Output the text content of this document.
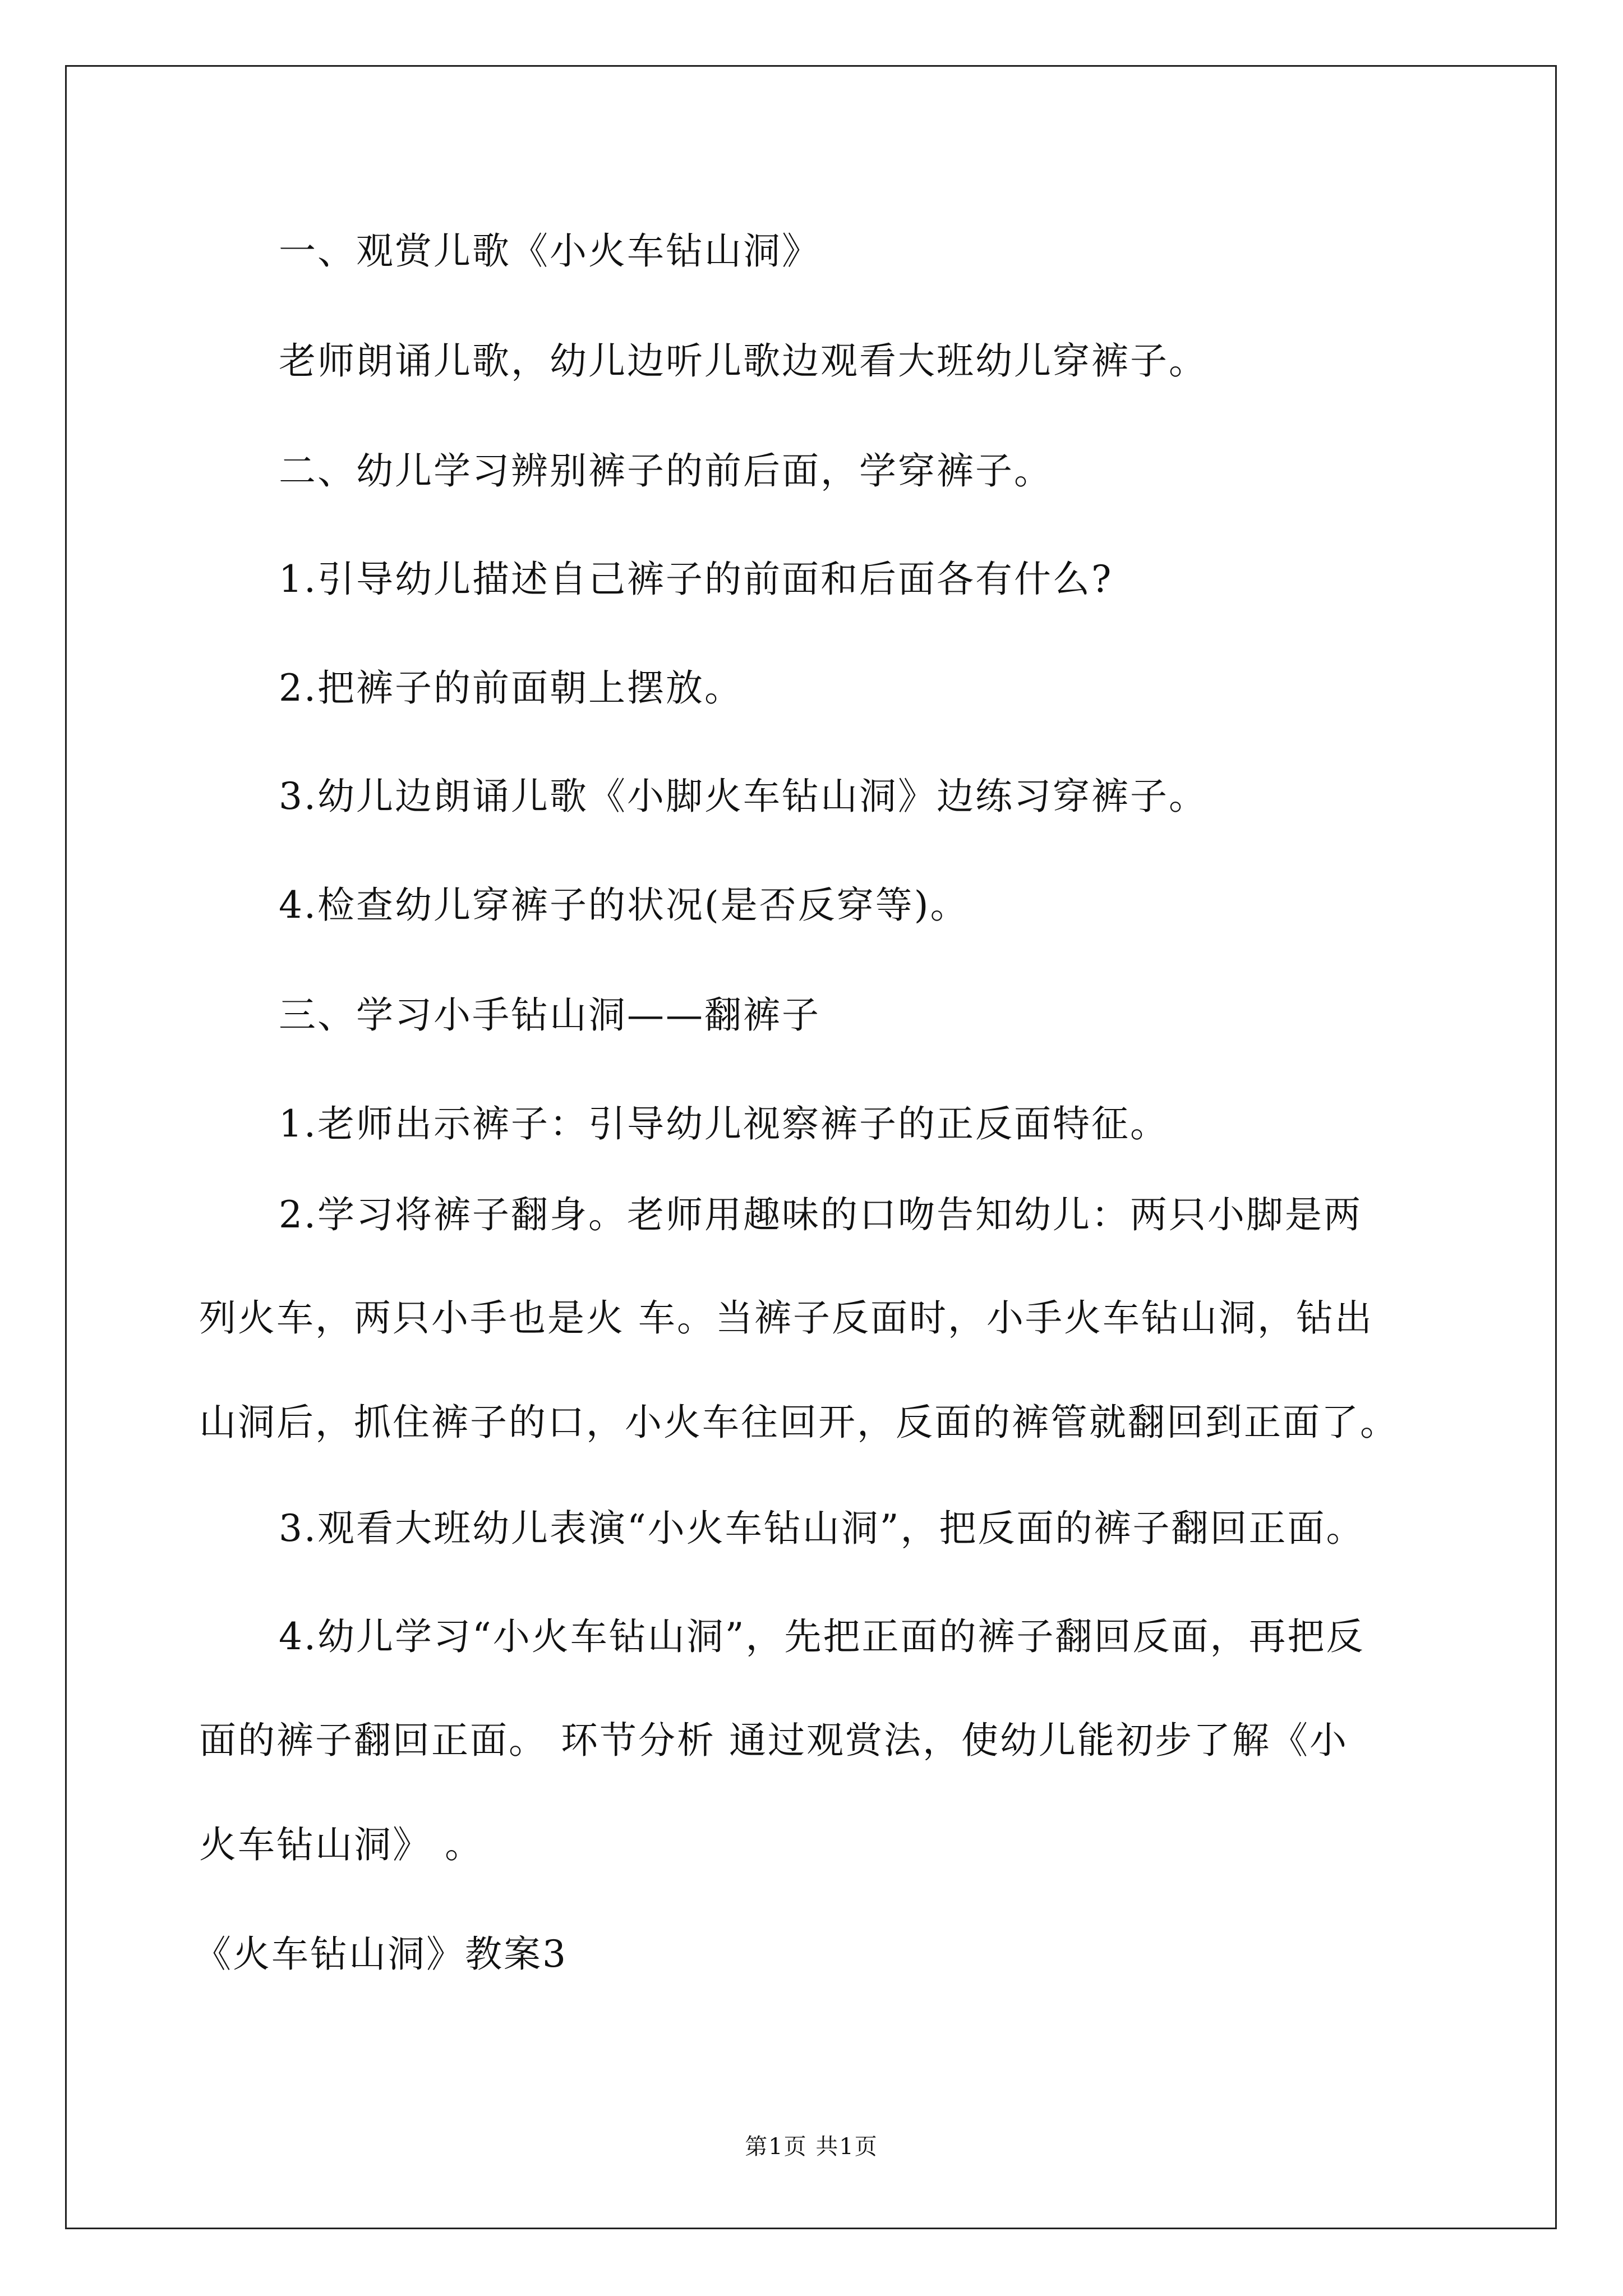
一、观赏儿歌《小火车钻山洞》
老师朗诵儿歌，幼儿边听儿歌边观看大班幼儿穿裤子。
二、幼儿学习辨别裤子的前后面，学穿裤子。
1.引导幼儿描述自己裤子的前面和后面各有什么?
2.把裤子的前面朝上摆放。
3.幼儿边朗诵儿歌《小脚火车钻山洞》边练习穿裤子。
4.检查幼儿穿裤子的状况(是否反穿等)。
三、学习小手钻山洞——翻裤子
1.老师出示裤子：引导幼儿视察裤子的正反面特征。
2.学习将裤子翻身。老师用趣味的口吻告知幼儿：两只小脚是两
列火车，两只小手也是火 车。当裤子反面时，小手火车钻山洞，钻出
山洞后，抓住裤子的口，小火车往回开，反面的裤管就翻回到正面了。
3.观看大班幼儿表演“小火车钻山洞”，把反面的裤子翻回正面。
4.幼儿学习“小火车钻山洞”，先把正面的裤子翻回反面，再把反
面的裤子翻回正面。 环节分析 通过观赏法，使幼儿能初步了解《小
火车钻山洞》 。
《火车钻山洞》教案3
第1页 共1页
